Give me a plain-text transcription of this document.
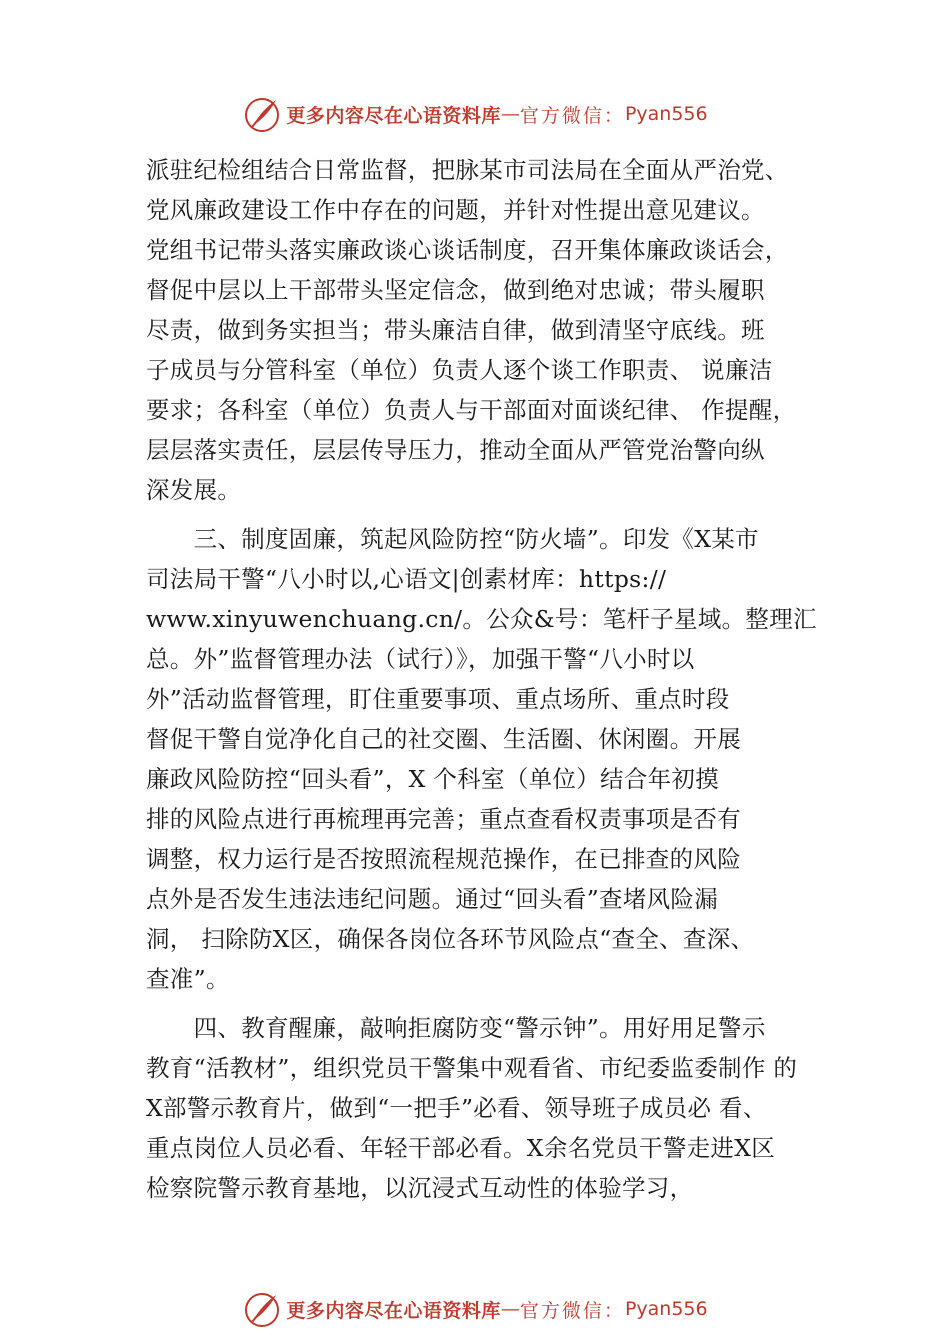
更多内容尽在心语资料库 — 官方微信： Pyan556
派驻纪检组结合日常监督，把脉某市司法局在全面从严治党、
党风廉政建设工作中存在的问题，并针对性提出意见建议。
党组书记带头落实廉政谈心谈话制度，召开集体廉政谈话会，
督促中层以上干部带头坚定信念，做到绝对忠诚；带头履职
尽责，做到务实担当；带头廉洁自律，做到清坚守底线。班
子成员与分管科室（单位）负责人逐个谈工作职责、 说廉洁
要求；各科室（单位）负责人与干部面对面谈纪律、 作提醒，
层层落实责任，层层传导压力，推动全面从严管党治警向纵
深发展。
　　三、制度固廉，筑起风险防控“防火墙”。印发《X某市
司法局干警“八小时以,心语文|创素材库：https://
www.xinyuwenchuang.cn/。公众&号：笔杆子星域。整理汇
总。外”监督管理办法（试行）》，加强干警“八小时以
外”活动监督管理，盯住重要事项、重点场所、重点时段
督促干警自觉净化自己的社交圈、生活圈、休闲圈。开展
廉政风险防控“回头看”，X 个科室（单位）结合年初摸
排的风险点进行再梳理再完善；重点查看权责事项是否有
调整，权力运行是否按照流程规范操作，在已排查的风险
点外是否发生违法违纪问题。通过“回头看”查堵风险漏
洞， 扫除防X区，确保各岗位各环节风险点“查全、查深、
查准”。
　　四、教育醒廉，敲响拒腐防变“警示钟”。用好用足警示
教育“活教材”，组织党员干警集中观看省、市纪委监委制作 的
X部警示教育片，做到“一把手”必看、领导班子成员必 看、
重点岗位人员必看、年轻干部必看。X余名党员干警走进X区
检察院警示教育基地，以沉浸式互动性的体验学习，
更多内容尽在心语资料库 — 官方微信： Pyan556
